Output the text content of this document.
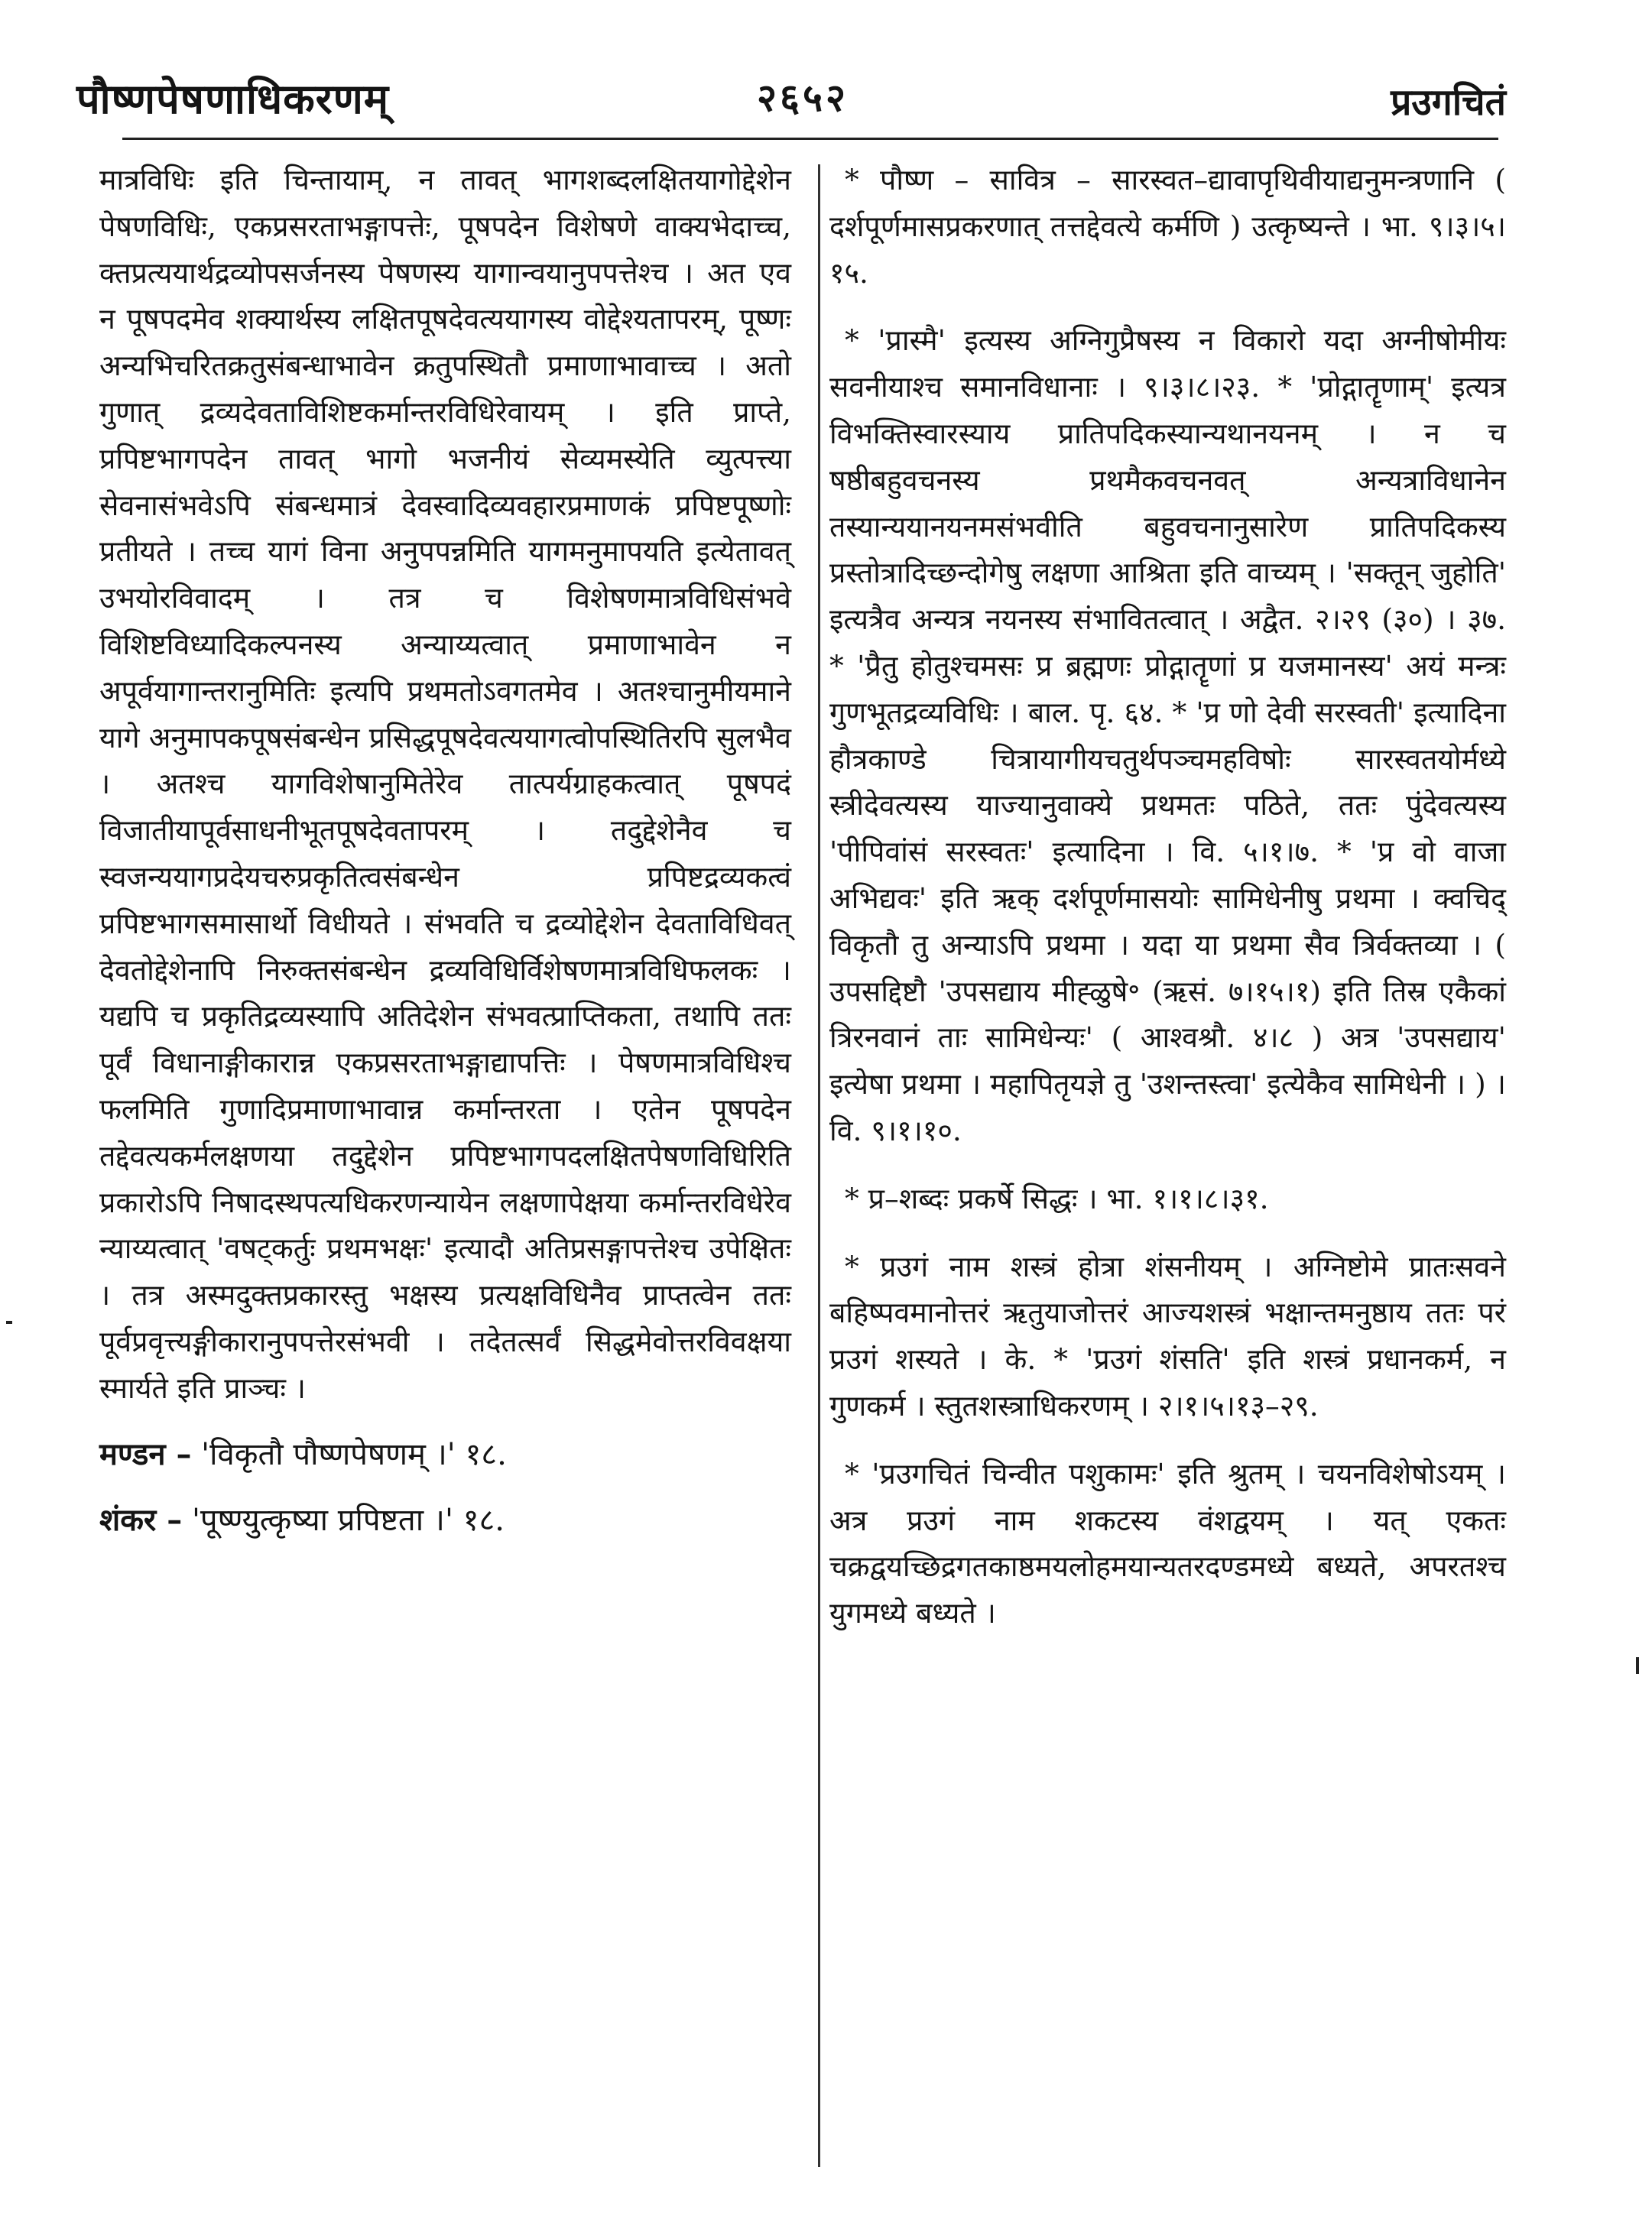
पौष्णपेषणाधिकरणम्	२६५२	प्रउगचितं

मात्रविधिः इति चिन्तायाम्, न तावत् भागशब्दलक्षितयागोद्देशेन पेषणविधिः, एकप्रसरताभङ्गापत्तेः, पूषपदेन विशेषणे वाक्यभेदाच्च, क्तप्रत्ययार्थद्रव्योपसर्जनस्य पेषणस्य यागान्वयानुपपत्तेश्च । अत एव न पूषपदमेव शक्यार्थस्य लक्षितपूषदेवत्ययागस्य वोद्देश्यतापरम्, पूष्णः अन्यभिचरितक्रतुसंबन्धाभावेन क्रतुपस्थितौ प्रमाणाभावाच्च । अतो गुणात् द्रव्यदेवताविशिष्टकर्मान्तरविधिरेवायम् । इति प्राप्ते, प्रपिष्टभागपदेन तावत् भागो भजनीयं सेव्यमस्येति व्युत्पत्त्या सेवनासंभवेऽपि संबन्धमात्रं देवस्वादिव्यवहारप्रमाणकं प्रपिष्टपूष्णोः प्रतीयते । तच्च यागं विना अनुपपन्नमिति यागमनुमापयति इत्येतावत् उभयोरविवादम् । तत्र च विशेषणमात्रविधिसंभवे विशिष्टविध्यादिकल्पनस्य अन्याय्यत्वात् प्रमाणाभावेन न अपूर्वयागान्तरानुमितिः इत्यपि प्रथमतोऽवगतमेव । अतश्चानुमीयमाने यागे अनुमापकपूषसंबन्धेन प्रसिद्धपूषदेवत्ययागत्वोपस्थितिरपि सुलभैव । अतश्च यागविशेषानुमितेरेव तात्पर्यग्राहकत्वात् पूषपदं विजातीयापूर्वसाधनीभूतपूषदेवतापरम् । तदुद्देशेनैव च स्वजन्ययागप्रदेयचरुप्रकृतित्वसंबन्धेन प्रपिष्टद्रव्यकत्वं प्रपिष्टभागसमासार्थो विधीयते । संभवति च द्रव्योद्देशेन देवताविधिवत् देवतोद्देशेनापि निरुक्तसंबन्धेन द्रव्यविधिर्विशेषणमात्रविधिफलकः । यद्यपि च प्रकृतिद्रव्यस्यापि अतिदेशेन संभवत्प्राप्तिकता, तथापि ततः पूर्वं विधानाङ्गीकारान्न एकप्रसरताभङ्गाद्यापत्तिः । पेषणमात्रविधिश्च फलमिति गुणादिप्रमाणाभावान्न कर्मान्तरता । एतेन पूषपदेन तद्देवत्यकर्मलक्षणया तदुद्देशेन प्रपिष्टभागपदलक्षितपेषणविधिरिति प्रकारोऽपि निषादस्थपत्यधिकरणन्यायेन लक्षणापेक्षया कर्मान्तरविधेरेव न्याय्यत्वात् 'वषट्कर्तुः प्रथमभक्षः' इत्यादौ अतिप्रसङ्गापत्तेश्च उपेक्षितः । तत्र अस्मदुक्तप्रकारस्तु भक्षस्य प्रत्यक्षविधिनैव प्राप्तत्वेन ततः पूर्वप्रवृत्त्यङ्गीकारानुपपत्तेरसंभवी । तदेतत्सर्वं सिद्धमेवोत्तरविवक्षया स्मार्यते इति प्राञ्चः ।

मण्डन – 'विकृतौ पौष्णपेषणम् ।' १८.

शंकर – 'पूष्ण्युत्कृष्या प्रपिष्टता ।' १८.

* पौष्ण – सावित्र – सारस्वत–द्यावापृथिवीयाद्यनुमन्त्रणानि ( दर्शपूर्णमासप्रकरणात् तत्तद्देवत्ये कर्मणि ) उत्कृष्यन्ते । भा. ९।३।५।१५.

* 'प्रास्मै' इत्यस्य अग्निगुप्रैषस्य न विकारो यदा अग्नीषोमीयः सवनीयाश्च समानविधानाः । ९।३।८।२३. * 'प्रोद्गातॄणाम्' इत्यत्र विभक्तिस्वारस्याय प्रातिपदिकस्यान्यथानयनम् । न च षष्ठीबहुवचनस्य प्रथमैकवचनवत् अन्यत्राविधानेन तस्यान्ययानयनमसंभवीति बहुवचनानुसारेण प्रातिपदिकस्य प्रस्तोत्रादिच्छन्दोगेषु लक्षणा आश्रिता इति वाच्यम् । 'सक्तून् जुहोति' इत्यत्रैव अन्यत्र नयनस्य संभावितत्वात् । अद्वैत. २।२९ (३०) । ३७. * 'प्रैतु होतुश्चमसः प्र ब्रह्मणः प्रोद्गातॄणां प्र यजमानस्य' अयं मन्त्रः गुणभूतद्रव्यविधिः । बाल. पृ. ६४. * 'प्र णो देवी सरस्वती' इत्यादिना हौत्रकाण्डे चित्रायागीयचतुर्थपञ्चमहविषोः सारस्वतयोर्मध्ये स्त्रीदेवत्यस्य याज्यानुवाक्ये प्रथमतः पठिते, ततः पुंदेवत्यस्य 'पीपिवांसं सरस्वतः' इत्यादिना । वि. ५।१।७. * 'प्र वो वाजा अभिद्यवः' इति ऋक् दर्शपूर्णमासयोः सामिधेनीषु प्रथमा । क्वचिद् विकृतौ तु अन्याऽपि प्रथमा । यदा या प्रथमा सैव त्रिर्वक्तव्या । ( उपसद्दिष्टौ 'उपसद्याय मीह्ळुषे॰ (ऋसं. ७।१५।१) इति तिस्र एकैकां त्रिरनवानं ताः सामिधेन्यः' ( आश्वश्रौ. ४।८ ) अत्र 'उपसद्याय' इत्येषा प्रथमा । महापितृयज्ञे तु 'उशन्तस्त्वा' इत्येकैव सामिधेनी । ) । वि. ९।१।१०.

* प्र–शब्दः प्रकर्षे सिद्धः । भा. १।१।८।३१.

* प्रउगं नाम शस्त्रं होत्रा शंसनीयम् । अग्निष्टोमे प्रातःसवने बहिष्पवमानोत्तरं ऋतुयाजोत्तरं आज्यशस्त्रं भक्षान्तमनुष्ठाय ततः परं प्रउगं शस्यते । के. * 'प्रउगं शंसति' इति शस्त्रं प्रधानकर्म, न गुणकर्म । स्तुतशस्त्राधिकरणम् । २।१।५।१३–२९.

* 'प्रउगचितं चिन्वीत पशुकामः' इति श्रुतम् । चयनविशेषोऽयम् । अत्र प्रउगं नाम शकटस्य वंशद्वयम् । यत् एकतः चक्रद्वयच्छिद्रगतकाष्ठमयलोहमयान्यतरदण्डमध्ये बध्यते, अपरतश्च युगमध्ये बध्यते ।
